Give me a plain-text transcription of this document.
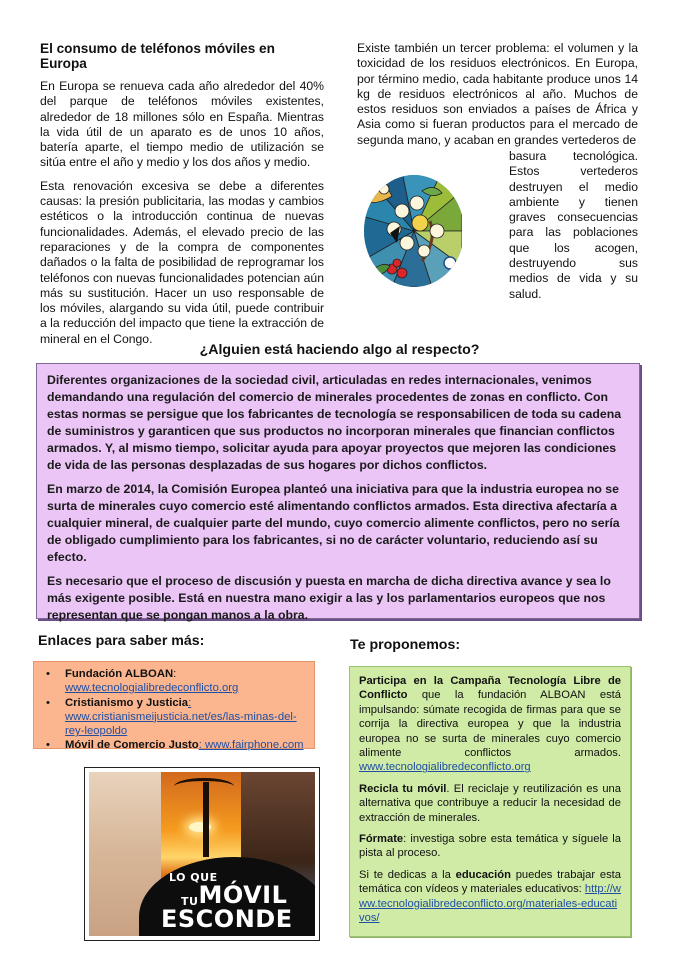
El consumo de teléfonos móviles en Europa

En Europa se renueva cada año alrededor del 40% del parque de teléfonos móviles existentes, alrededor de 18 millones sólo en España. Mientras la vida útil de un aparato es de unos 10 años, batería aparte, el tiempo medio de utilización se sitúa entre el año y medio y los dos años y medio.

Esta renovación excesiva se debe a diferentes causas: la presión publicitaria, las modas y cambios estéticos o la introducción continua de nuevas funcionalidades. Además, el elevado precio de las reparaciones y de la compra de componentes dañados o la falta de posibilidad de reprogramar los teléfonos con nuevas funcionalidades potencian aún más su sustitución. Hacer un uso responsable de los móviles, alargando su vida útil, puede contribuir a la reducción del impacto que tiene la extracción de mineral en el Congo.

Existe también un tercer problema: el volumen y la toxicidad de los residuos electrónicos. En Europa, por término medio, cada habitante produce unos 14 kg de residuos electrónicos al año. Muchos de estos residuos son enviados a países de África y Asia como si fueran productos para el mercado de segunda mano, y acaban en grandes vertederos de

basura tecnológica. Estos vertederos destruyen el medio ambiente y tienen graves consecuencias para las poblaciones que los acogen, destruyendo sus medios de vida y su salud.

¿Alguien está haciendo algo al respecto?

Diferentes organizaciones de la sociedad civil, articuladas en redes internacionales, venimos demandando una regulación del comercio de minerales procedentes de zonas en conflicto. Con estas normas se persigue que los fabricantes de tecnología se responsabilicen de toda su cadena de suministros y garanticen que sus productos no incorporan minerales que financian conflictos armados. Y, al mismo tiempo, solicitar ayuda para apoyar proyectos que mejoren las condiciones de vida de las personas desplazadas de sus hogares por dichos conflictos.

En marzo de 2014, la Comisión Europea planteó una iniciativa para que la industria europea no se surta de minerales cuyo comercio esté alimentando conflictos armados. Esta directiva afectaría a cualquier mineral, de cualquier parte del mundo, cuyo comercio alimente conflictos, pero no sería de obligado cumplimiento para los fabricantes, si no de carácter voluntario, reduciendo así su efecto.

Es necesario que el proceso de discusión y puesta en marcha de dicha directiva avance y sea lo más exigente posible. Está en nuestra mano exigir a las y los parlamentarios europeos que nos representan que se pongan manos a la obra.

Enlaces para saber más:
• Fundación ALBOAN: www.tecnologialibredeconflicto.org
• Cristianismo y Justicia: www.cristianismeijusticia.net/es/las-minas-del-rey-leopoldo
• Móvil de Comercio Justo: www.fairphone.com
LO QUE
TUMÓVIL
ESCONDE
Te proponemos:

Participa en la Campaña Tecnología Libre de Conflicto que la fundación ALBOAN está impulsando: súmate recogida de firmas para que se corrija la directiva europea y que la industria europea no se surta de minerales cuyo comercio alimente conflictos armados. www.tecnologialibredeconflicto.org

Recicla tu móvil. El reciclaje y reutilización es una alternativa que contribuye a reducir la necesidad de extracción de minerales.

Fórmate: investiga sobre esta temática y síguele la pista al proceso.

Si te dedicas a la educación puedes trabajar esta temática con vídeos y materiales educativos: http://www.tecnologialibredeconflicto.org/materiales-educativos/
